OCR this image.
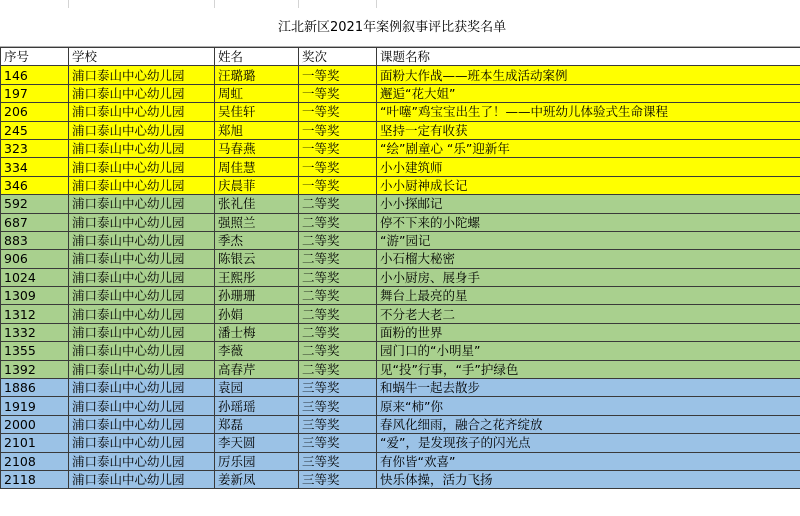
江北新区2021年案例叙事评比获奖名单
序号	学校	姓名	奖次	课题名称
146	浦口泰山中心幼儿园	汪璐璐	一等奖	面粉大作战——班本生成活动案例
197	浦口泰山中心幼儿园	周虹	一等奖	邂逅“花大姐”
206	浦口泰山中心幼儿园	吴佳轩	一等奖	“叶噻”鸡宝宝出生了！——中班幼儿体验式生命课程
245	浦口泰山中心幼儿园	郑旭	一等奖	坚持一定有收获
323	浦口泰山中心幼儿园	马春燕	一等奖	“绘”剧童心 “乐”迎新年
334	浦口泰山中心幼儿园	周佳慧	一等奖	小小建筑师
346	浦口泰山中心幼儿园	庆晨菲	一等奖	小小厨神成长记
592	浦口泰山中心幼儿园	张礼佳	二等奖	小小探邮记
687	浦口泰山中心幼儿园	强照兰	二等奖	停不下来的小陀螺
883	浦口泰山中心幼儿园	季杰	二等奖	“游”园记
906	浦口泰山中心幼儿园	陈银云	二等奖	小石榴大秘密
1024	浦口泰山中心幼儿园	王熙彤	二等奖	小小厨房、展身手
1309	浦口泰山中心幼儿园	孙珊珊	二等奖	舞台上最亮的星
1312	浦口泰山中心幼儿园	孙娟	二等奖	不分老大老二
1332	浦口泰山中心幼儿园	潘士梅	二等奖	面粉的世界
1355	浦口泰山中心幼儿园	李薇	二等奖	园门口的“小明星”
1392	浦口泰山中心幼儿园	高春芹	二等奖	见“投”行事，“手”护绿色
1886	浦口泰山中心幼儿园	袁园	三等奖	和蜗牛一起去散步
1919	浦口泰山中心幼儿园	孙瑶瑶	三等奖	原来“柿”你
2000	浦口泰山中心幼儿园	郑磊	三等奖	春风化细雨，融合之花齐绽放
2101	浦口泰山中心幼儿园	李天圆	三等奖	“爱”，是发现孩子的闪光点
2108	浦口泰山中心幼儿园	厉乐园	三等奖	有你皆“欢喜”
2118	浦口泰山中心幼儿园	姜新凤	三等奖	快乐体操，活力飞扬
